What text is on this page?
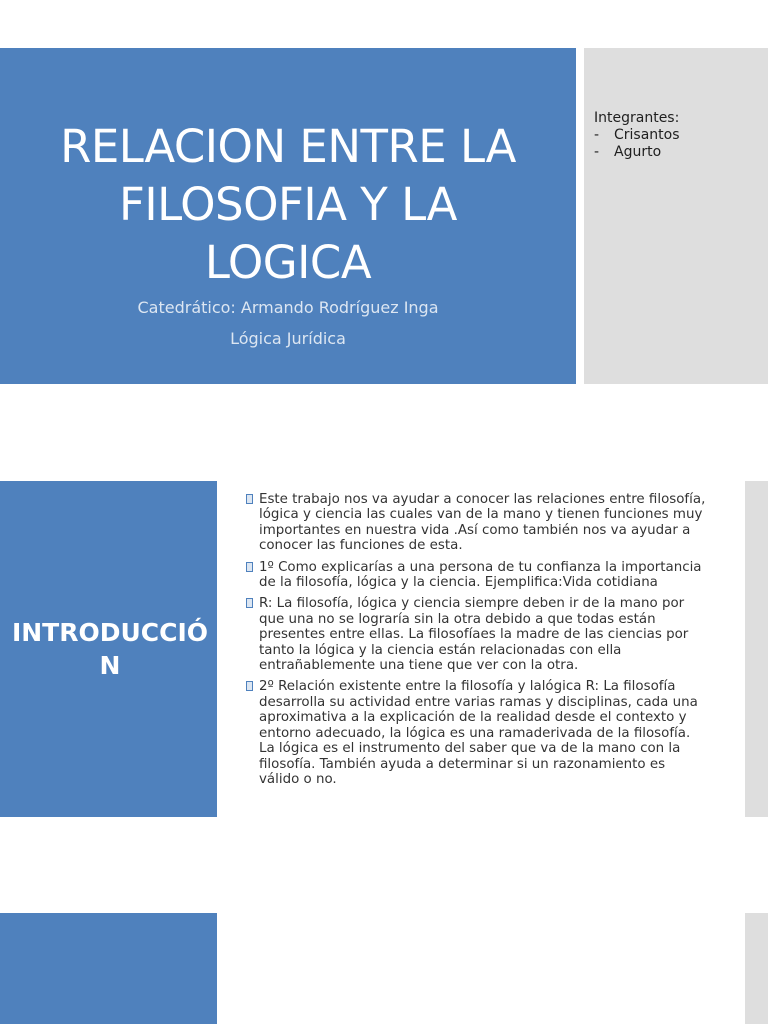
RELACION ENTRE LA FILOSOFIA Y LA LOGICA
Catedrático: Armando Rodríguez Inga
Lógica Jurídica
Integrantes:
-	Crisantos
-	Agurto
INTRODUCCIÓN
Este trabajo nos va ayudar a conocer las relaciones entre filosofía, lógica y ciencia las cuales van de la mano y tienen funciones muy importantes en nuestra vida .Así como también nos va ayudar a conocer las funciones de esta.
1º Como explicarías a una persona de tu confianza la importancia de la filosofía, lógica y la ciencia. Ejemplifica:Vida cotidiana
R: La filosofía, lógica y ciencia siempre deben ir de la mano por que una no se lograría sin la otra debido a que todas están presentes entre ellas. La filosofíaes la madre de las ciencias por tanto la lógica y la ciencia están relacionadas con ella entrañablemente una tiene que ver con la otra.
2º Relación existente entre la filosofía y lalógica R: La filosofía desarrolla su actividad entre varias ramas y disciplinas, cada una aproximativa a la explicación de la realidad desde el contexto y entorno adecuado, la lógica es una ramaderivada de la filosofía. La lógica es el instrumento del saber que va de la mano con la filosofía. También ayuda a determinar si un razonamiento es válido o no.
